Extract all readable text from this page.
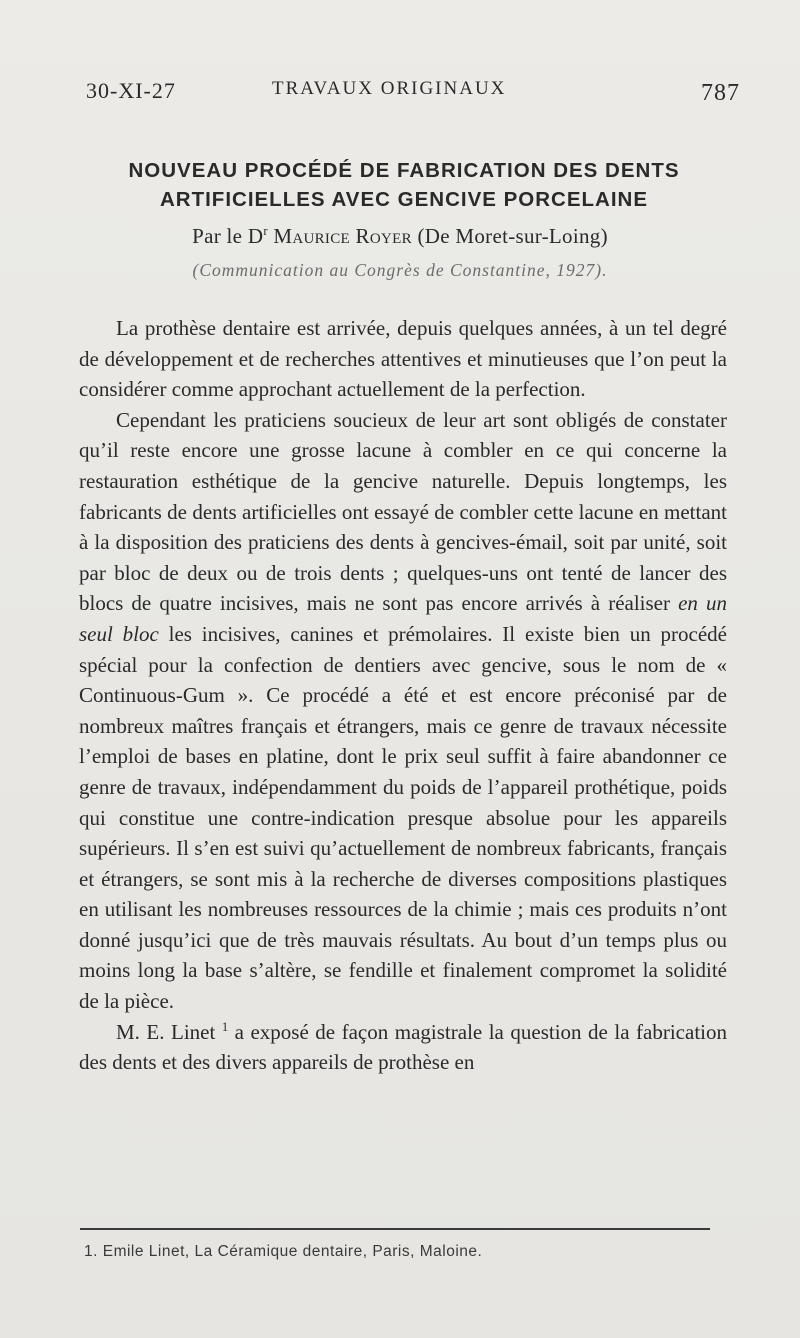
30-XI-27	TRAVAUX ORIGINAUX	787
NOUVEAU PROCÉDÉ DE FABRICATION DES DENTS
ARTIFICIELLES AVEC GENCIVE PORCELAINE
Par le $D^r$ Maurice Royer (De Moret-sur-Loing)
(Communication au Congrès de Constantine, 1927).

La prothèse dentaire est arrivée, depuis quelques années, à un tel degré de développement et de recherches attentives et minutieuses que l’on peut la considérer comme approchant actuellement de la perfection.

Cependant les praticiens soucieux de leur art sont obligés de constater qu’il reste encore une grosse lacune à combler en ce qui concerne la restauration esthétique de la gencive naturelle. Depuis longtemps, les fabricants de dents artificielles ont essayé de combler cette lacune en mettant à la disposition des praticiens des dents à gencives-émail, soit par unité, soit par bloc de deux ou de trois dents ; quelques-uns ont tenté de lancer des blocs de quatre incisives, mais ne sont pas encore arrivés à réaliser en un seul bloc les incisives, canines et prémolaires. Il existe bien un procédé spécial pour la confection de dentiers avec gencive, sous le nom de « Continuous-Gum ». Ce procédé a été et est encore préconisé par de nombreux maîtres français et étrangers, mais ce genre de travaux nécessite l’emploi de bases en platine, dont le prix seul suffit à faire abandonner ce genre de travaux, indépendamment du poids de l’appareil prothétique, poids qui constitue une contre-indication presque absolue pour les appareils supérieurs. Il s’en est suivi qu’actuellement de nombreux fabricants, français et étrangers, se sont mis à la recherche de diverses compositions plastiques en utilisant les nombreuses ressources de la chimie ; mais ces produits n’ont donné jusqu’ici que de très mauvais résultats. Au bout d’un temps plus ou moins long la base s’altère, se fendille et finalement compromet la solidité de la pièce.

M. E. Linet $^1$ a exposé de façon magistrale la question de la fabrication des dents et des divers appareils de prothèse en

1. Emile Linet, La Céramique dentaire, Paris, Maloine.
